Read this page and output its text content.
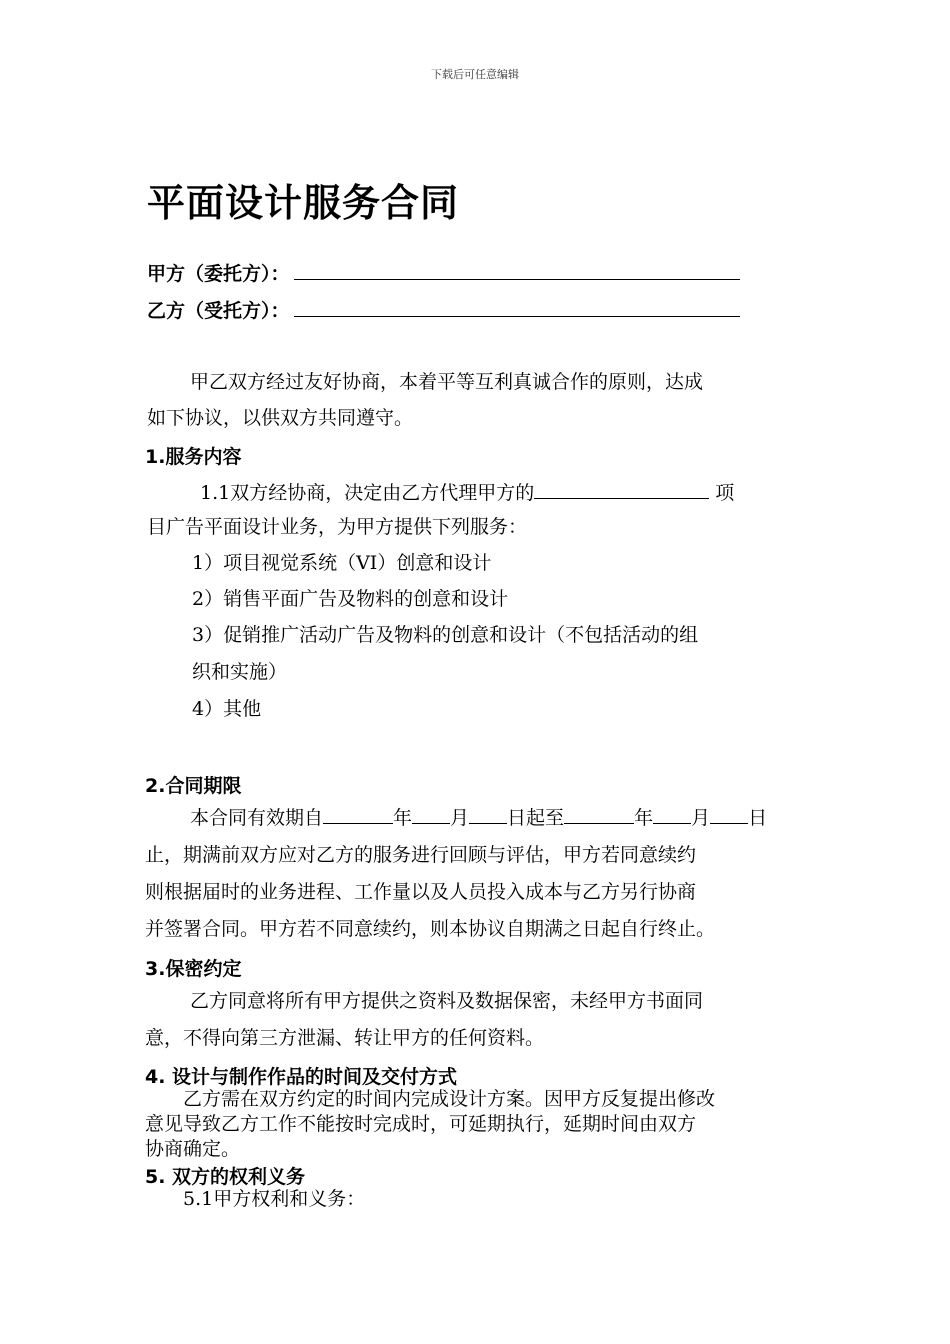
下载后可任意编辑
平面设计服务合同
甲方（委托方）：
乙方（受托方）：
甲乙双方经过友好协商，本着平等互利真诚合作的原则，达成
如下协议，以供双方共同遵守。
1.服务内容
1.1双方经协商，决定由乙方代理甲方的	项
目广告平面设计业务，为甲方提供下列服务：
1）项目视觉系统（VI）创意和设计
2）销售平面广告及物料的创意和设计
3）促销推广活动广告及物料的创意和设计（不包括活动的组
织和实施）
4）其他
2.合同期限
本合同有效期自	年 月 日起至	年 月 日
止，期满前双方应对乙方的服务进行回顾与评估，甲方若同意续约
则根据届时的业务进程、工作量以及人员投入成本与乙方另行协商
并签署合同。甲方若不同意续约，则本协议自期满之日起自行终止。
3.保密约定
乙方同意将所有甲方提供之资料及数据保密，未经甲方书面同
意，不得向第三方泄漏、转让甲方的任何资料。
4. 设计与制作作品的时间及交付方式
乙方需在双方约定的时间内完成设计方案。因甲方反复提出修改
意见导致乙方工作不能按时完成时，可延期执行，延期时间由双方
协商确定。
5. 双方的权利义务
5.1甲方权利和义务：
